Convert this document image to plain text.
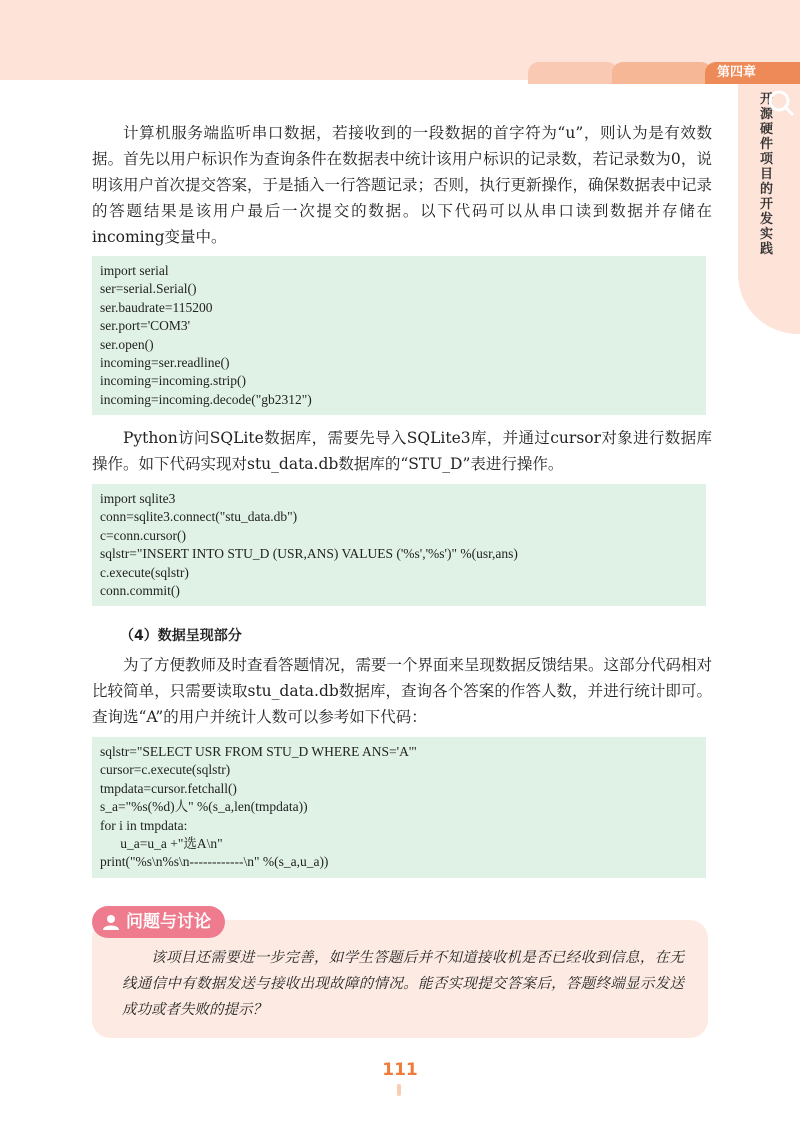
第四章
开源硬件项目的开发实践

计算机服务端监听串口数据，若接收到的一段数据的首字符为“u”，则认为是有效数据。首先以用户标识作为查询条件在数据表中统计该用户标识的记录数，若记录数为0，说明该用户首次提交答案，于是插入一行答题记录；否则，执行更新操作，确保数据表中记录的答题结果是该用户最后一次提交的数据。以下代码可以从串口读到数据并存储在incoming变量中。

import serial
ser=serial.Serial()
ser.baudrate=115200
ser.port='COM3'
ser.open()
incoming=ser.readline()
incoming=incoming.strip()
incoming=incoming.decode("gb2312")

Python访问SQLite数据库，需要先导入SQLite3库，并通过cursor对象进行数据库操作。如下代码实现对stu_data.db数据库的“STU_D”表进行操作。

import sqlite3
conn=sqlite3.connect("stu_data.db")
c=conn.cursor()
sqlstr="INSERT INTO STU_D (USR,ANS) VALUES ('%s','%s')" %(usr,ans)
c.execute(sqlstr)
conn.commit()
（4）数据呈现部分

为了方便教师及时查看答题情况，需要一个界面来呈现数据反馈结果。这部分代码相对比较简单，只需要读取stu_data.db数据库，查询各个答案的作答人数，并进行统计即可。查询选“A”的用户并统计人数可以参考如下代码：

sqlstr="SELECT USR FROM STU_D WHERE ANS='A'"
cursor=c.execute(sqlstr)
tmpdata=cursor.fetchall()
s_a="%s(%d)人" %(s_a,len(tmpdata))
for i in tmpdata:
u_a=u_a +"选A\n"
print("%s\n%s\n------------\n" %(s_a,u_a))
问题与讨论

该项目还需要进一步完善，如学生答题后并不知道接收机是否已经收到信息，在无线通信中有数据发送与接收出现故障的情况。能否实现提交答案后，答题终端显示发送成功或者失败的提示？

111
